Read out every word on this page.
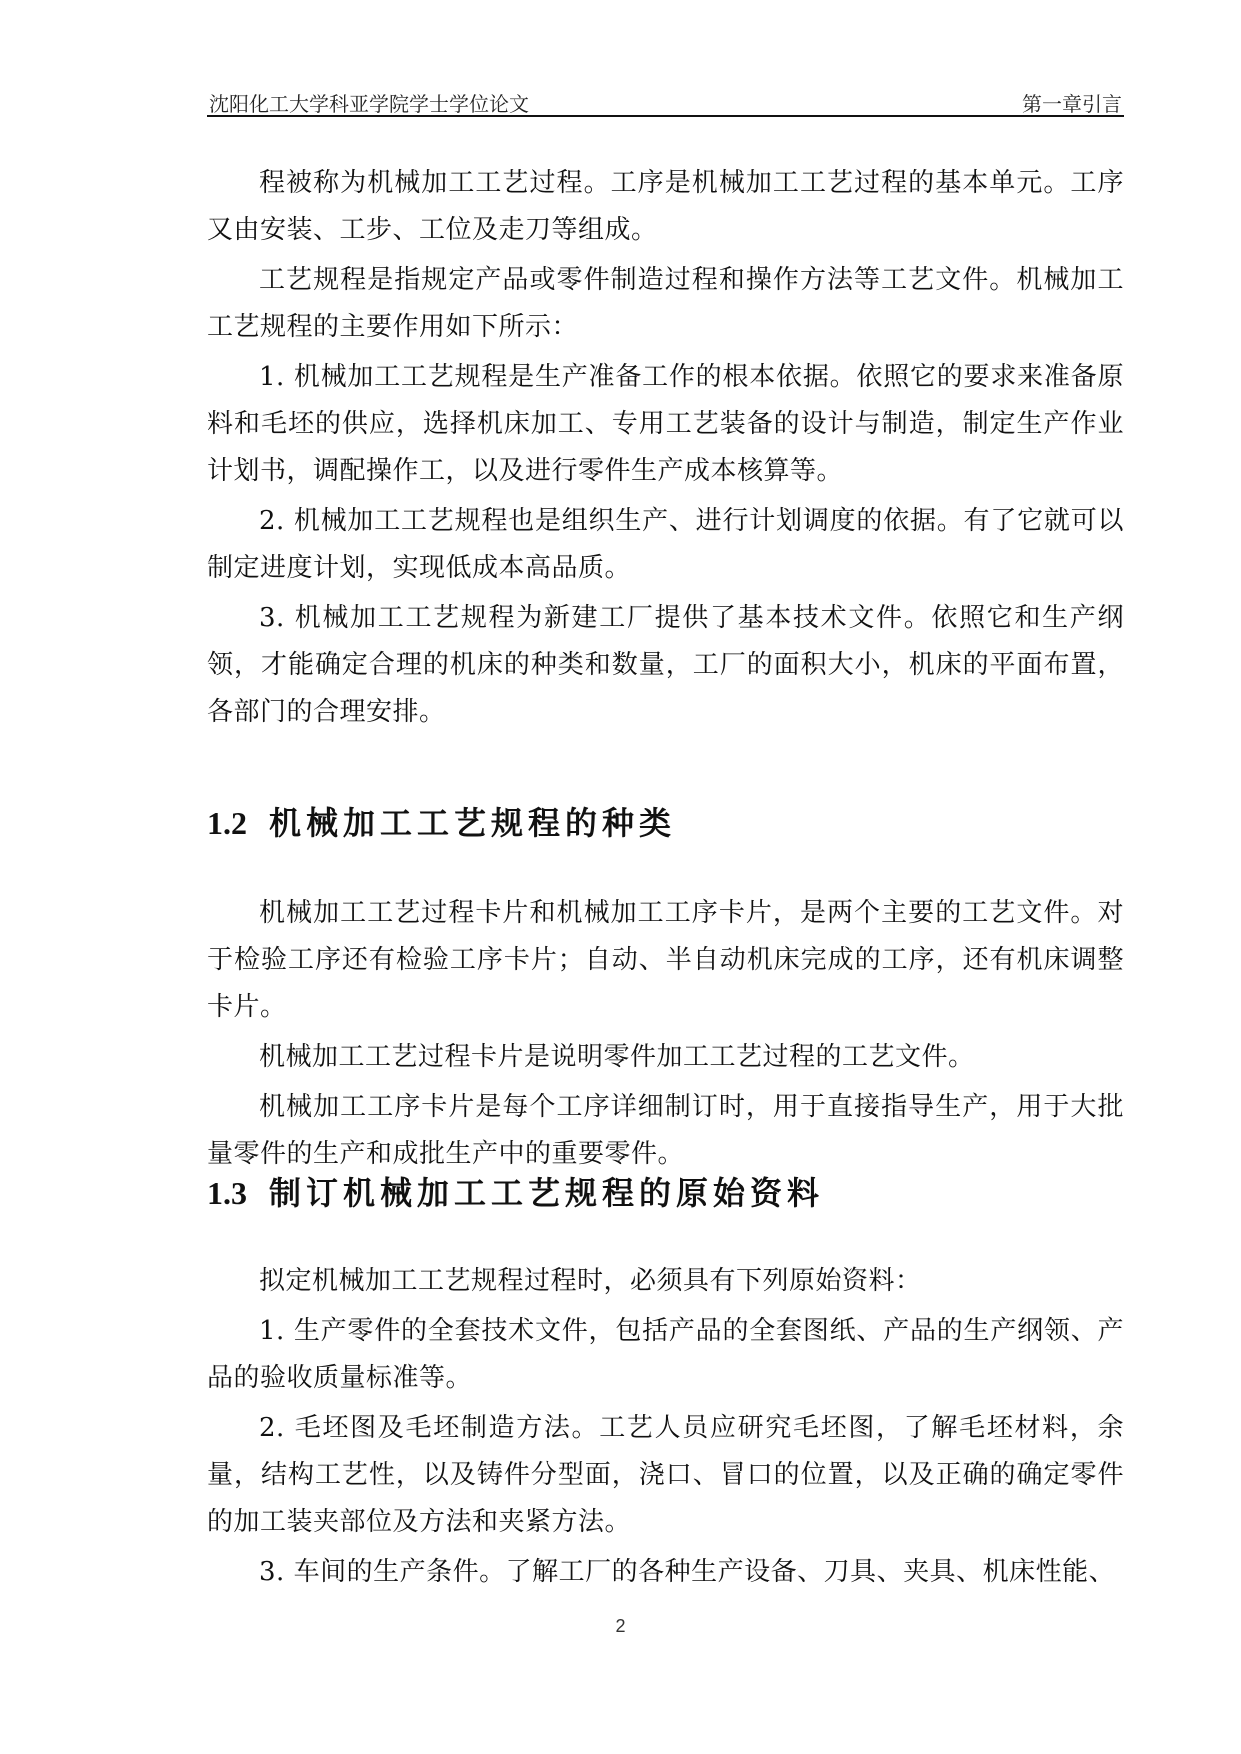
沈阳化工大学科亚学院学士学位论文	第一章引言

程被称为机械加工工艺过程。工序是机械加工工艺过程的基本单元。工序又由安装、工步、工位及走刀等组成。

工艺规程是指规定产品或零件制造过程和操作方法等工艺文件。机械加工工艺规程的主要作用如下所示：

1. 机械加工工艺规程是生产准备工作的根本依据。依照它的要求来准备原料和毛坯的供应，选择机床加工、专用工艺装备的设计与制造，制定生产作业计划书，调配操作工，以及进行零件生产成本核算等。

2. 机械加工工艺规程也是组织生产、进行计划调度的依据。有了它就可以制定进度计划，实现低成本高品质。

3. 机械加工工艺规程为新建工厂提供了基本技术文件。依照它和生产纲领，才能确定合理的机床的种类和数量，工厂的面积大小，机床的平面布置，各部门的合理安排。

1.2 机械加工工艺规程的种类

机械加工工艺过程卡片和机械加工工序卡片，是两个主要的工艺文件。对于检验工序还有检验工序卡片；自动、半自动机床完成的工序，还有机床调整卡片。

机械加工工艺过程卡片是说明零件加工工艺过程的工艺文件。

机械加工工序卡片是每个工序详细制订时，用于直接指导生产，用于大批量零件的生产和成批生产中的重要零件。

1.3 制订机械加工工艺规程的原始资料

拟定机械加工工艺规程过程时，必须具有下列原始资料：

1. 生产零件的全套技术文件，包括产品的全套图纸、产品的生产纲领、产品的验收质量标准等。

2. 毛坯图及毛坯制造方法。工艺人员应研究毛坯图，了解毛坯材料，余量，结构工艺性，以及铸件分型面，浇口、冒口的位置，以及正确的确定零件的加工装夹部位及方法和夹紧方法。

3. 车间的生产条件。了解工厂的各种生产设备、刀具、夹具、机床性能、

2
